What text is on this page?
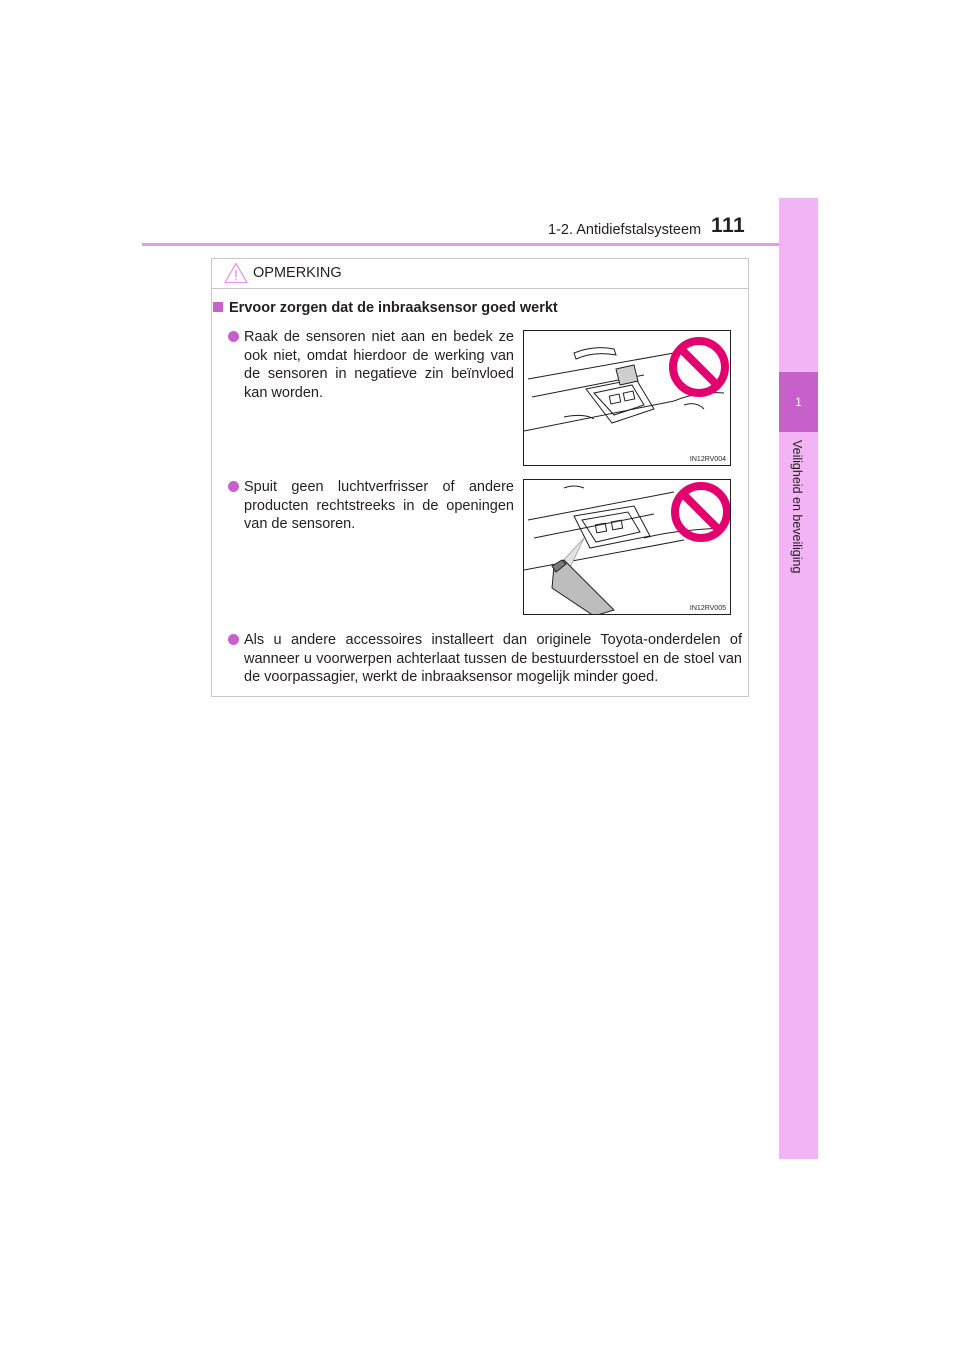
1-2. Antidiefstalsysteem 111
1
Veiligheid en beveiliging
OPMERKING
Ervoor zorgen dat de inbraaksensor goed werkt
Raak de sensoren niet aan en bedek ze ook niet, omdat hierdoor de werking van de sensoren in negatieve zin beïnvloed kan worden.
Spuit geen luchtverfrisser of andere producten rechtstreeks in de openingen van de sensoren.
Als u andere accessoires installeert dan originele Toyota-onderdelen of wanneer u voorwerpen achterlaat tussen de bestuurdersstoel en de stoel van de voorpassagier, werkt de inbraaksensor mogelijk minder goed.
IN12RV004
IN12RV005
